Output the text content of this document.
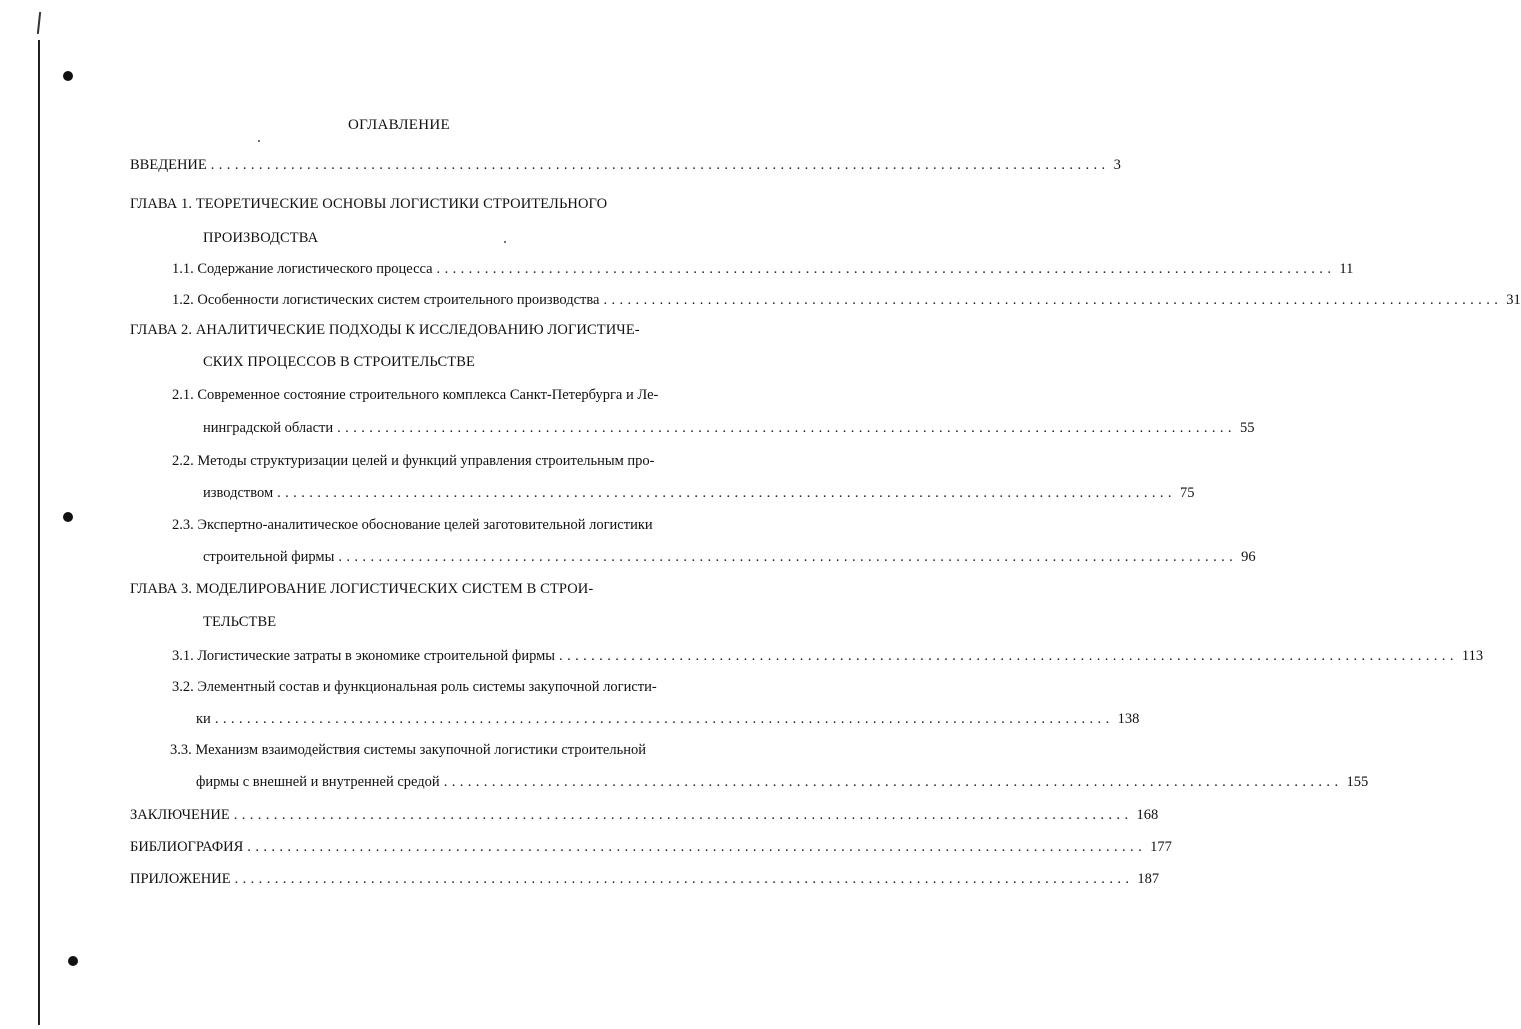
ОГЛАВЛЕНИЕ
ВВЕДЕНИЕ ................................................................................................................ 3
ГЛАВА 1. ТЕОРЕТИЧЕСКИЕ ОСНОВЫ ЛОГИСТИКИ СТРОИТЕЛЬНОГО
ПРОИЗВОДСТВА
1.1. Содержание логистического процесса ................................................................................................................ 11
1.2. Особенности логистических систем строительного производства ................................................................................................................ 31
ГЛАВА 2. АНАЛИТИЧЕСКИЕ ПОДХОДЫ К ИССЛЕДОВАНИЮ ЛОГИСТИЧЕ-
СКИХ ПРОЦЕССОВ В СТРОИТЕЛЬСТВЕ
2.1. Современное состояние строительного комплекса Санкт-Петербурга и Ле-
нинградской области ................................................................................................................ 55
2.2. Методы структуризации целей и функций управления строительным про-
изводством ................................................................................................................ 75
2.3. Экспертно-аналитическое обоснование целей заготовительной логистики
строительной фирмы ................................................................................................................ 96
ГЛАВА 3. МОДЕЛИРОВАНИЕ ЛОГИСТИЧЕСКИХ СИСТЕМ В СТРОИ-
ТЕЛЬСТВЕ
3.1. Логистические затраты в экономике строительной фирмы ................................................................................................................ 113
3.2. Элементный состав и функциональная роль системы закупочной логисти-
ки ................................................................................................................ 138
3.3. Механизм взаимодействия системы закупочной логистики строительной
фирмы с внешней и внутренней средой ................................................................................................................ 155
ЗАКЛЮЧЕНИЕ ................................................................................................................ 168
БИБЛИОГРАФИЯ ................................................................................................................ 177
ПРИЛОЖЕНИЕ ................................................................................................................ 187
